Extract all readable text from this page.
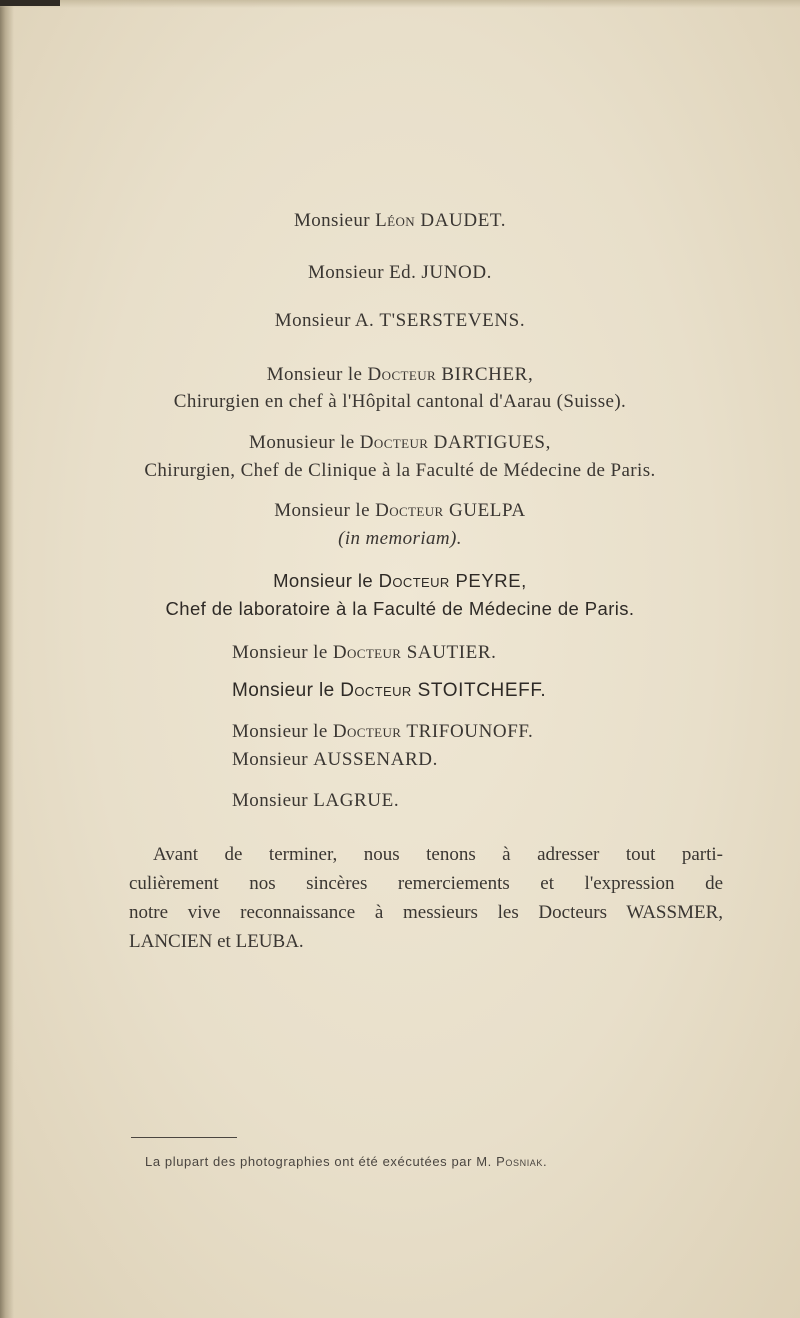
Monsieur Léon DAUDET.
Monsieur Ed. JUNOD.
Monsieur A. T'SERSTEVENS.
Monsieur le Docteur BIRCHER,
Chirurgien en chef à l'Hôpital cantonal d'Aarau (Suisse).
Monusieur le Docteur DARTIGUES,
Chirurgien, Chef de Clinique à la Faculté de Médecine de Paris.
Monsieur le Docteur GUELPA
(in memoriam).
Monsieur le Docteur PEYRE,
Chef de laboratoire à la Faculté de Médecine de Paris.
Monsieur le Docteur SAUTIER.
Monsieur le Docteur STOITCHEFF.
Monsieur le Docteur TRIFOUNOFF.
Monsieur AUSSENARD.
Monsieur LAGRUE.
Avant de terminer, nous tenons à adresser tout parti-
culièrement nos sincères remerciements et l'expression de
notre vive reconnaissance à messieurs les Docteurs WASSMER,
LANCIEN et LEUBA.
La plupart des photographies ont été exécutées par M. Posniak.
